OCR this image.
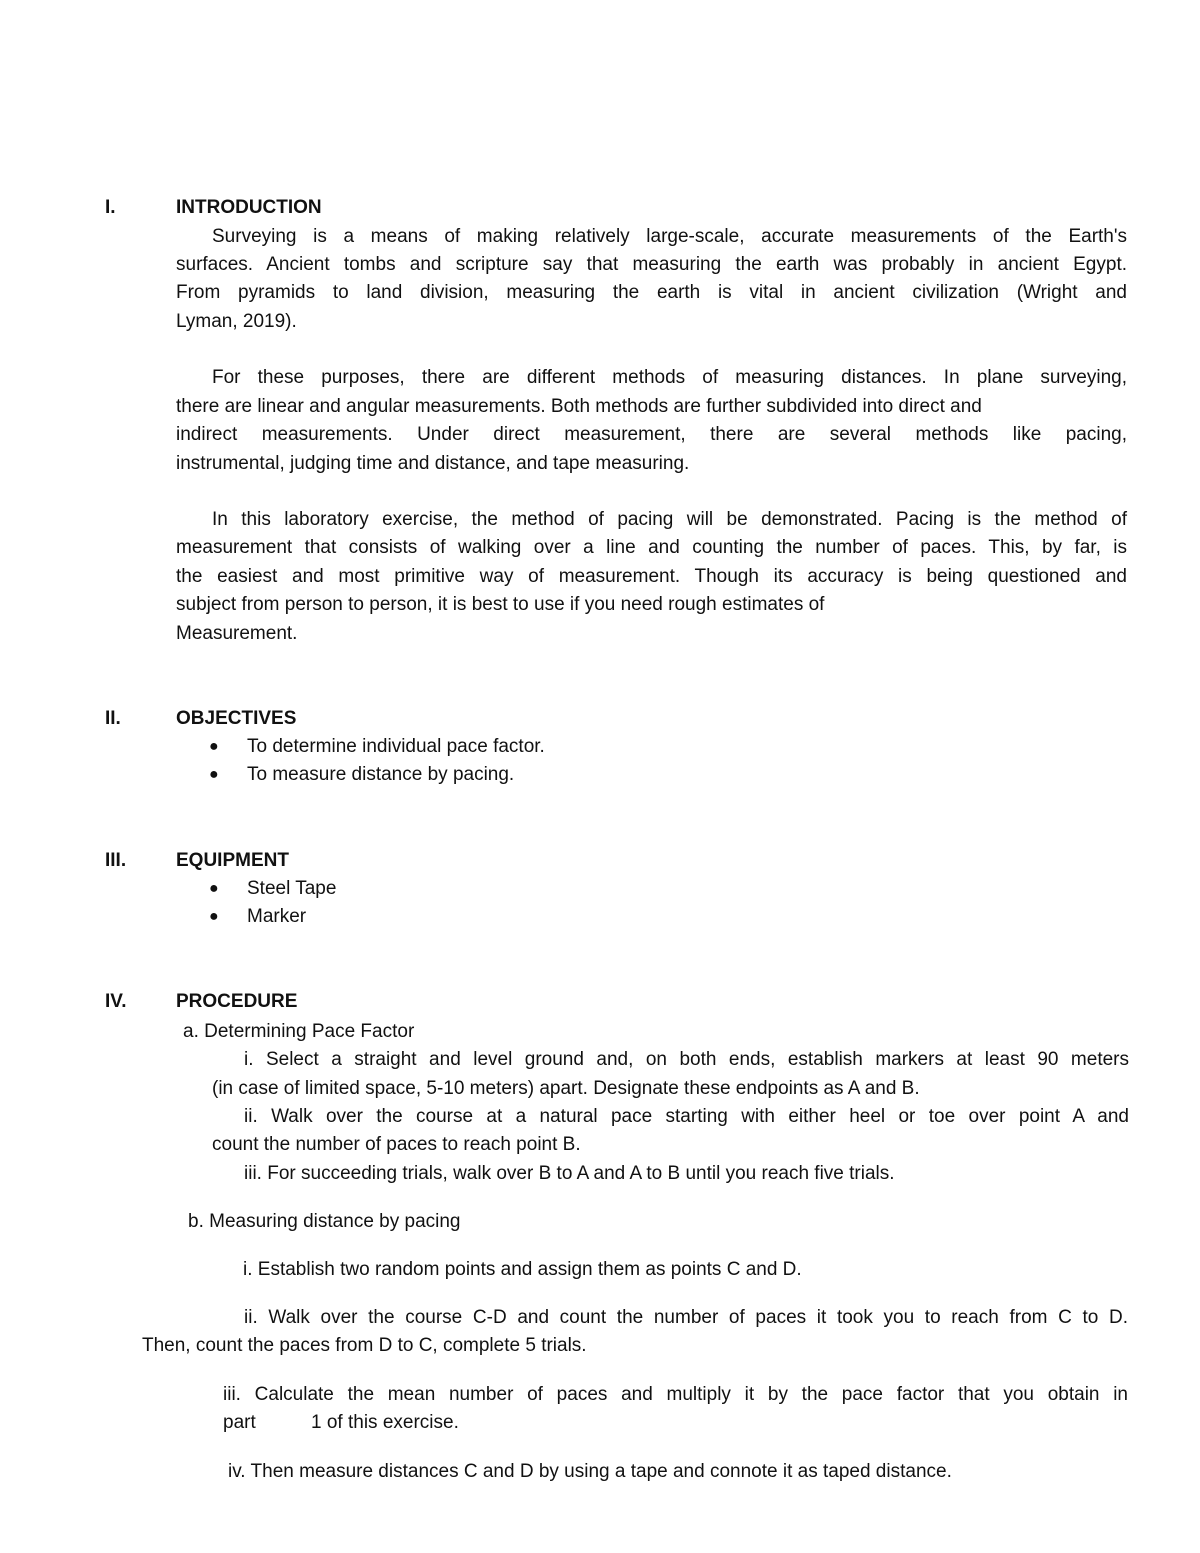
I.	INTRODUCTION
Surveying is a means of making relatively large-scale, accurate measurements of the Earth's
surfaces. Ancient tombs and scripture say that measuring the earth was probably in ancient Egypt.
From pyramids to land division, measuring the earth is vital in ancient civilization (Wright and
Lyman, 2019).
For these purposes, there are different methods of measuring distances. In plane surveying,
there are linear and angular measurements. Both methods are further subdivided into direct and
indirect measurements. Under direct measurement, there are several methods like pacing,
instrumental, judging time and distance, and tape measuring.
In this laboratory exercise, the method of pacing will be demonstrated. Pacing is the method of
measurement that consists of walking over a line and counting the number of paces. This, by far, is
the easiest and most primitive way of measurement. Though its accuracy is being questioned and
subject from person to person, it is best to use if you need rough estimates of
Measurement.
II.	OBJECTIVES
● To determine individual pace factor.
● To measure distance by pacing.
III.	EQUIPMENT
● Steel Tape
● Marker
IV.	PROCEDURE
a. Determining Pace Factor
i. Select a straight and level ground and, on both ends, establish markers at least 90 meters
(in case of limited space, 5-10 meters) apart. Designate these endpoints as A and B.
ii. Walk over the course at a natural pace starting with either heel or toe over point A and
count the number of paces to reach point B.
iii. For succeeding trials, walk over B to A and A to B until you reach five trials.
b. Measuring distance by pacing
i. Establish two random points and assign them as points C and D.
ii. Walk over the course C-D and count the number of paces it took you to reach from C to D.
Then, count the paces from D to C, complete 5 trials.
iii. Calculate the mean number of paces and multiply it by the pace factor that you obtain in
part	1 of this exercise.
iv. Then measure distances C and D by using a tape and connote it as taped distance.
